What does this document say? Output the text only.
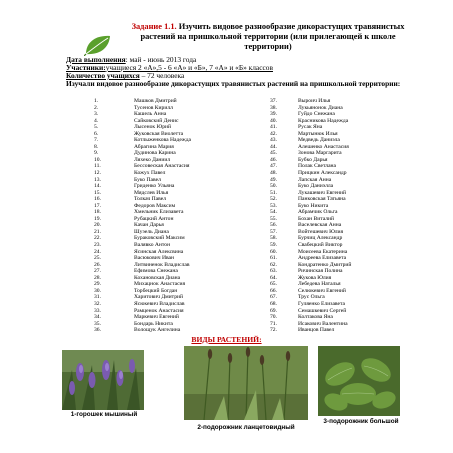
Задание 1.1. Изучить видовое разнообразие дикорастущих травянистых растений на пришкольной территории (или прилегающей к школе территории)
Дата выполнения: май - июнь 2013 года
Участники:учащиеся 2 «А»,5 - 6 «А» и «Б», 7 «А» и «Б» классов
Количество учащихся – 72 человека
Изучали видовое разнообразие дикорастущих травянистых растений на пришкольной территории:
1.	Машков Дмитрий
2.	Тусенов Кирилл
3.	Кашель Анна
4.	Сайковский Денис
5.	Лысенок Юрий
6.	Жуковская Виолетта
7.	Котлыженкова Надежда
8.	Абрагина Мария
9.	Дудинова Карина
10.	Ляхеко Даниил
11.	Бессовеская Анастасия
12.	Кожух Павел
13.	Буко Павел
14.	Гриденко Ульяна
15.	Мядслев Илья
16.	Толкач Павел
17.	Федоров Максим
18.	Хмельник Елизавета
19.	Рубацкий Антон
20.	Качан Дарья
21.	Шуэель Диана
22.	Бураковский Максим
23.	Валявко Антон
24.	Ясинская Алексвина
25.	Васюкович Иван
26.	Литвиненок Владислав
27.	Ефимова Снежана
28.	Кохановская Диана
29.	Михацнок Анастасия
30.	Торбецкий Богдан
31.	Харитович Дмитрий
32.	Ясюкевич Владислав
33.	Рамценок Анастасия
34.	Маркевич Евгений
35.	Бондарь Никита
36.	Волощук Ангелина
37.	Выроич Илья
38.	Лукьянонок Диана
39.	Гуйдо Снежана
40.	Красникова Надежда
41.	Русак Яна
42.	Мартынюк Илья
43.	Медведь Даниэла
44.	Алешенко Анастасия
45.	Зонова Маргарита
46.	Бубко Дарья
47.	Полак Светлана
48.	Прицкин Александр
49.	Лапская Анна
50.	Буко Даниэлла
51.	Лукашевич Евгений
52.	Панковская Татьяна
53.	Буко Никита
54.	Абрамчик Ольга
55.	Бохан Виталий
56.	Васелевская Анна
57.	Войтешевич Юлия
58.	Бурчиц Александр
59.	Свабецкий Виктор
60.	Моисеева Екатерина
61.	Андреева Елизавета
62.	Кондратенко Дмитрий
63.	Ричинская Полина
64.	Жукова Юлия
65.	Лебедева Наталья
66.	Селюкевич Евгений
67.	Трус Ольга
68.	Гуляенко Елизавета
69.	Семашкевич Сергей
70.	Колтакова Яна
71.	Исакович Валентина
72.	Иванцов Павел
ВИДЫ РАСТЕНИЙ:
1-горошек мышиный
2-подорожник ланцетовидный
3-подорожник большой
